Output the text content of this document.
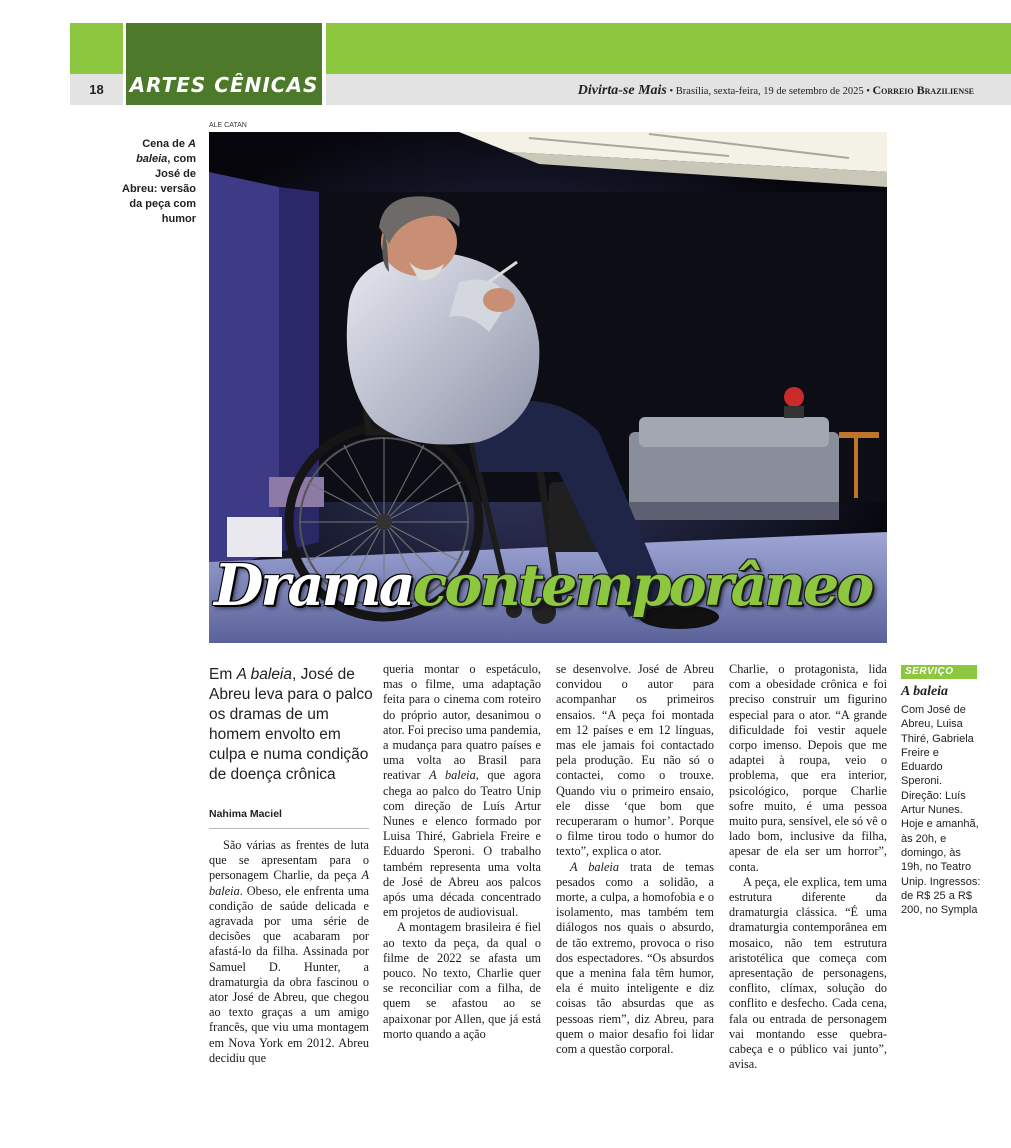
18	ARTES CÊNICAS	Divirta-se Mais • Brasília, sexta-feira, 19 de setembro de 2025 • Correio Braziliense
ALE CATAN
Cena de A baleia, com José de Abreu: versão da peça com humor
Dramacontemporâneo
Em A baleia, José de Abreu leva para o palco os dramas de um homem envolto em culpa e numa condição de doença crônica
Nahima Maciel

São várias as frentes de luta que se apresentam para o personagem Charlie, da peça A baleia. Obeso, ele enfrenta uma condição de saúde delicada e agravada por uma série de decisões que acabaram por afastá-lo da filha. Assinada por Samuel D. Hunter, a dramaturgia da obra fascinou o ator José de Abreu, que chegou ao texto graças a um amigo francês, que viu uma montagem em Nova York em 2012. Abreu decidiu que

queria montar o espetáculo, mas o filme, uma adaptação feita para o cinema com roteiro do próprio autor, desanimou o ator. Foi preciso uma pandemia, a mudança para quatro países e uma volta ao Brasil para reativar A baleia, que agora chega ao palco do Teatro Unip com direção de Luís Artur Nunes e elenco formado por Luisa Thiré, Gabriela Freire e Eduardo Speroni. O trabalho também representa uma volta de José de Abreu aos palcos após uma década concentrado em projetos de audiovisual.

A montagem brasileira é fiel ao texto da peça, da qual o filme de 2022 se afasta um pouco. No texto, Charlie quer se reconciliar com a filha, de quem se afastou ao se apaixonar por Allen, que já está morto quando a ação

se desenvolve. José de Abreu convidou o autor para acompanhar os primeiros ensaios. “A peça foi montada em 12 países e em 12 línguas, mas ele jamais foi contactado pela produção. Eu não só o contactei, como o trouxe. Quando viu o primeiro ensaio, ele disse ‘que bom que recuperaram o humor’. Porque o filme tirou todo o humor do texto”, explica o ator.

A baleia trata de temas pesados como a solidão, a morte, a culpa, a homofobia e o isolamento, mas também tem diálogos nos quais o absurdo, de tão extremo, provoca o riso dos espectadores. “Os absurdos que a menina fala têm humor, ela é muito inteligente e diz coisas tão absurdas que as pessoas riem”, diz Abreu, para quem o maior desafio foi lidar com a questão corporal.

Charlie, o protagonista, lida com a obesidade crônica e foi preciso construir um figurino especial para o ator. “A grande dificuldade foi vestir aquele corpo imenso. Depois que me adaptei à roupa, veio o problema, que era interior, psicológico, porque Charlie sofre muito, é uma pessoa muito pura, sensível, ele só vê o lado bom, inclusive da filha, apesar de ela ser um horror”, conta.

A peça, ele explica, tem uma estrutura diferente da dramaturgia clássica. “É uma dramaturgia contemporânea em mosaico, não tem estrutura aristotélica que começa com apresentação de personagens, conflito, clímax, solução do conflito e desfecho. Cada cena, fala ou entrada de personagem vai montando esse quebra-cabeça e o público vai junto”, avisa.

SERVIÇO
A baleia
Com José de Abreu, Luisa Thiré, Gabriela Freire e Eduardo Speroni. Direção: Luís Artur Nunes. Hoje e amanhã, às 20h, e domingo, às 19h, no Teatro Unip. Ingressos: de R$ 25 a R$ 200, no Sympla
